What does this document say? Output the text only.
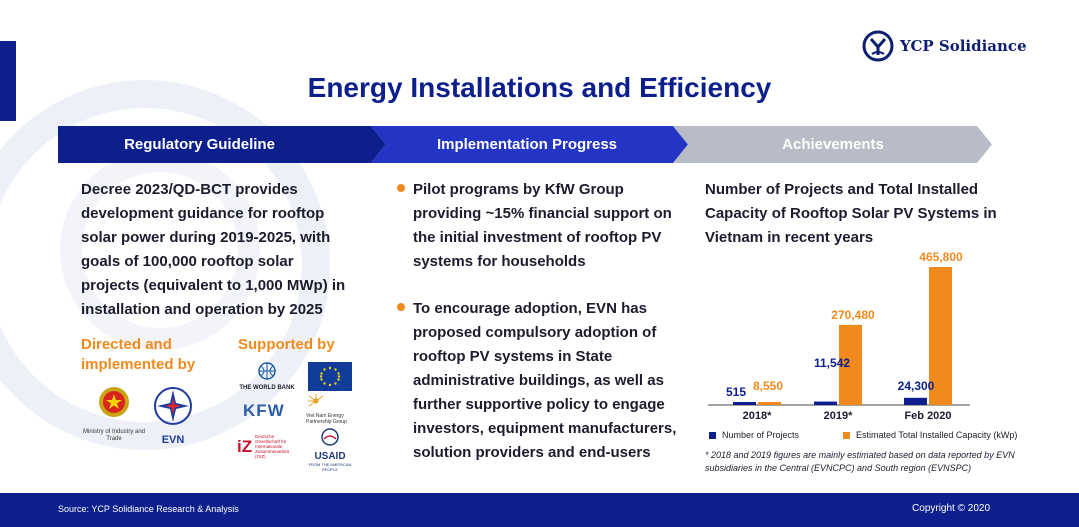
YCP Solidiance
Energy Installations and Efficiency
Regulatory Guideline	Implementation Progress	Achievements
Decree 2023/QD-BCT provides development guidance for rooftop solar power during 2019-2025, with goals of 100,000 rooftop solar projects (equivalent to 1,000 MWp) in installation and operation by 2025
Directed and implemented by
Supported by
Ministry of Industry and Trade	EVN
THE WORLD BANK
KFW	Viet Nam Energy Partnership Group
iZ Deutsche Gesellschaft für Internationale Zusammenarbeit (GIZ)	USAID
FROM THE AMERICAN PEOPLE
Pilot programs by KfW Group providing ~15% financial support on the initial investment of rooftop PV systems for households
To encourage adoption, EVN has proposed compulsory adoption of rooftop PV systems in State administrative buildings, as well as further supportive policy to engage investors, equipment manufacturers, solution providers and end-users
Number of Projects and Total Installed Capacity of Rooftop Solar PV Systems in Vietnam in recent years
2018*	2019*	Feb 2020
515 8,550
11,542
270,480
24,300
465,800
Number of Projects	Estimated Total Installed Capacity (kWp)
* 2018 and 2019 figures are mainly estimated based on data reported by EVN subsidiaries in the Central (EVNCPC) and South region (EVNSPC)
Source: YCP Solidiance Research & Analysis	Copyright © 2020
